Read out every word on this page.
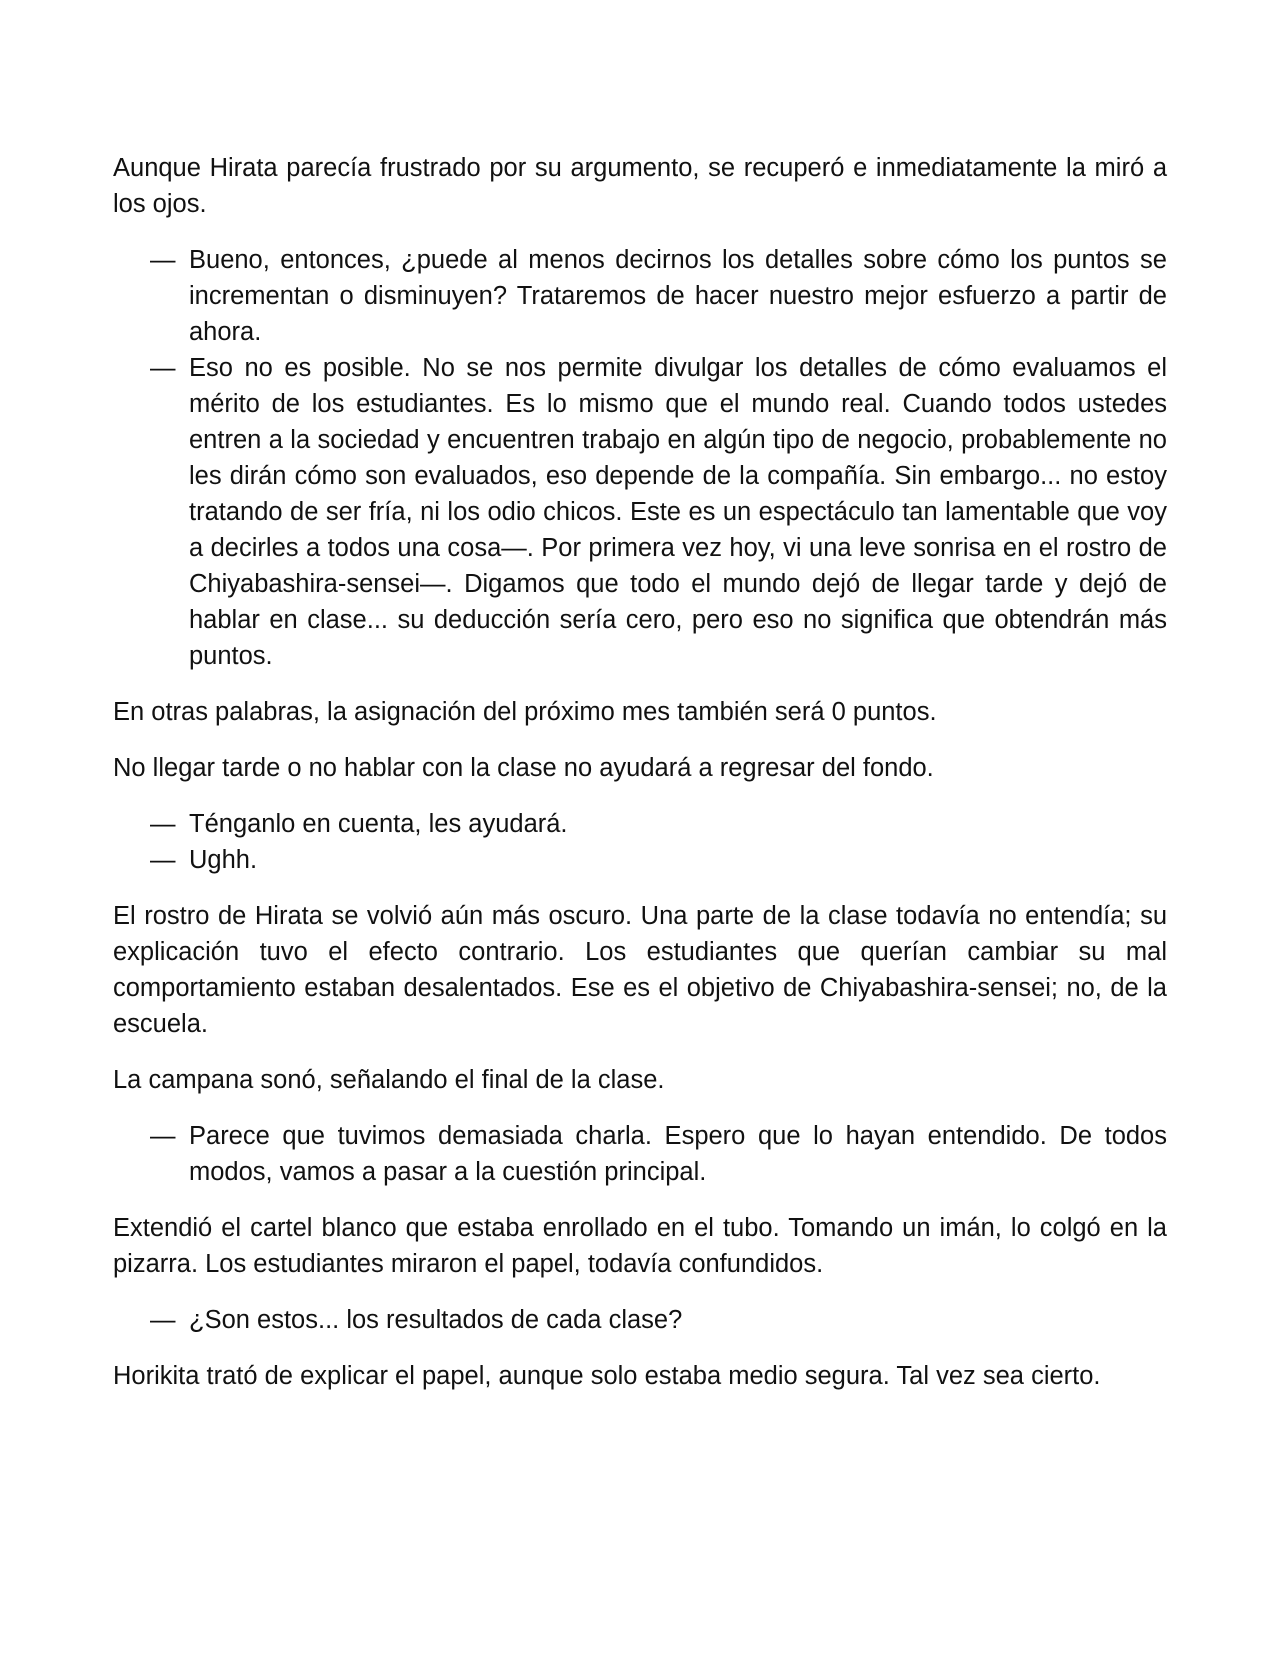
Aunque Hirata parecía frustrado por su argumento, se recuperó e inmediatamente la miró a los ojos.

— Bueno, entonces, ¿puede al menos decirnos los detalles sobre cómo los puntos se incrementan o disminuyen? Trataremos de hacer nuestro mejor esfuerzo a partir de ahora.

— Eso no es posible. No se nos permite divulgar los detalles de cómo evaluamos el mérito de los estudiantes. Es lo mismo que el mundo real. Cuando todos ustedes entren a la sociedad y encuentren trabajo en algún tipo de negocio, probablemente no les dirán cómo son evaluados, eso depende de la compañía. Sin embargo... no estoy tratando de ser fría, ni los odio chicos. Este es un espectáculo tan lamentable que voy a decirles a todos una cosa—. Por primera vez hoy, vi una leve sonrisa en el rostro de Chiyabashira-sensei—. Digamos que todo el mundo dejó de llegar tarde y dejó de hablar en clase... su deducción sería cero, pero eso no significa que obtendrán más puntos.

En otras palabras, la asignación del próximo mes también será 0 puntos.

No llegar tarde o no hablar con la clase no ayudará a regresar del fondo.

— Ténganlo en cuenta, les ayudará.

— Ughh.

El rostro de Hirata se volvió aún más oscuro. Una parte de la clase todavía no entendía; su explicación tuvo el efecto contrario. Los estudiantes que querían cambiar su mal comportamiento estaban desalentados. Ese es el objetivo de Chiyabashira-sensei; no, de la escuela.

La campana sonó, señalando el final de la clase.

— Parece que tuvimos demasiada charla. Espero que lo hayan entendido. De todos modos, vamos a pasar a la cuestión principal.

Extendió el cartel blanco que estaba enrollado en el tubo. Tomando un imán, lo colgó en la pizarra. Los estudiantes miraron el papel, todavía confundidos.

— ¿Son estos... los resultados de cada clase?

Horikita trató de explicar el papel, aunque solo estaba medio segura. Tal vez sea cierto.
